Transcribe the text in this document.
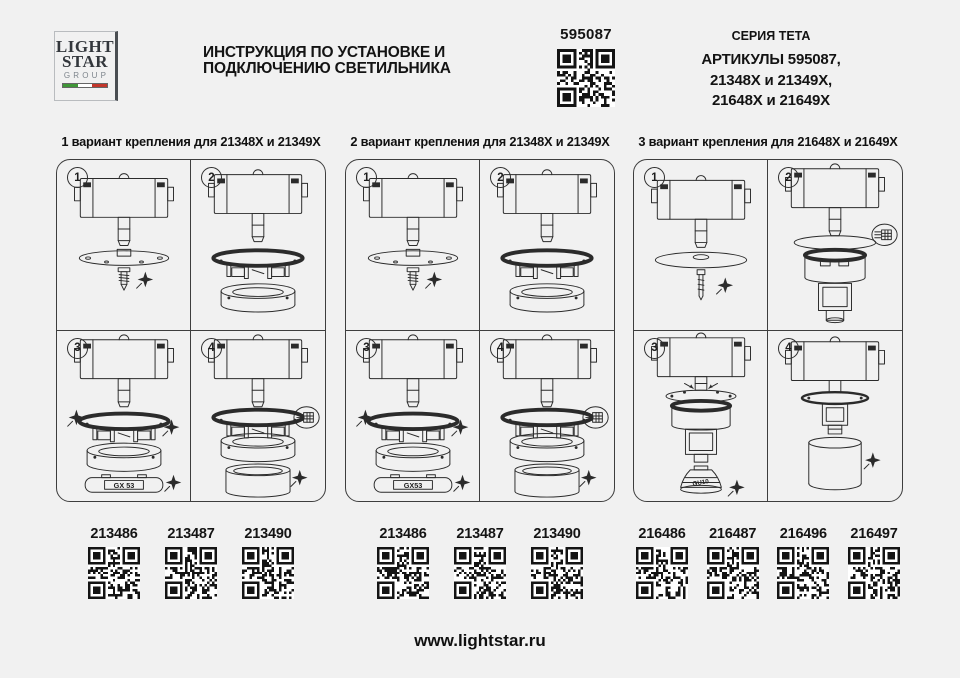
LIGHT
STAR
GROUP
ИНСТРУКЦИЯ ПО УСТАНОВКЕ И
ПОДКЛЮЧЕНИЮ СВЕТИЛЬНИКА
595087	СЕРИЯ TETA
АРТИКУЛЫ 595087,
21348X и 21349X,
21648X и 21649X
1 вариант крепления для 21348X и 21349X
1	2
3
GX 53
4
213486	213487	213490
2 вариант крепления для 21348X и 21349X
1	2
3
GX53
4
213486	213487	213490
3 вариант крепления для 21648X и 21649X
1	2
3
GU10
4
216486	216487	216496	216497
www.lightstar.ru
